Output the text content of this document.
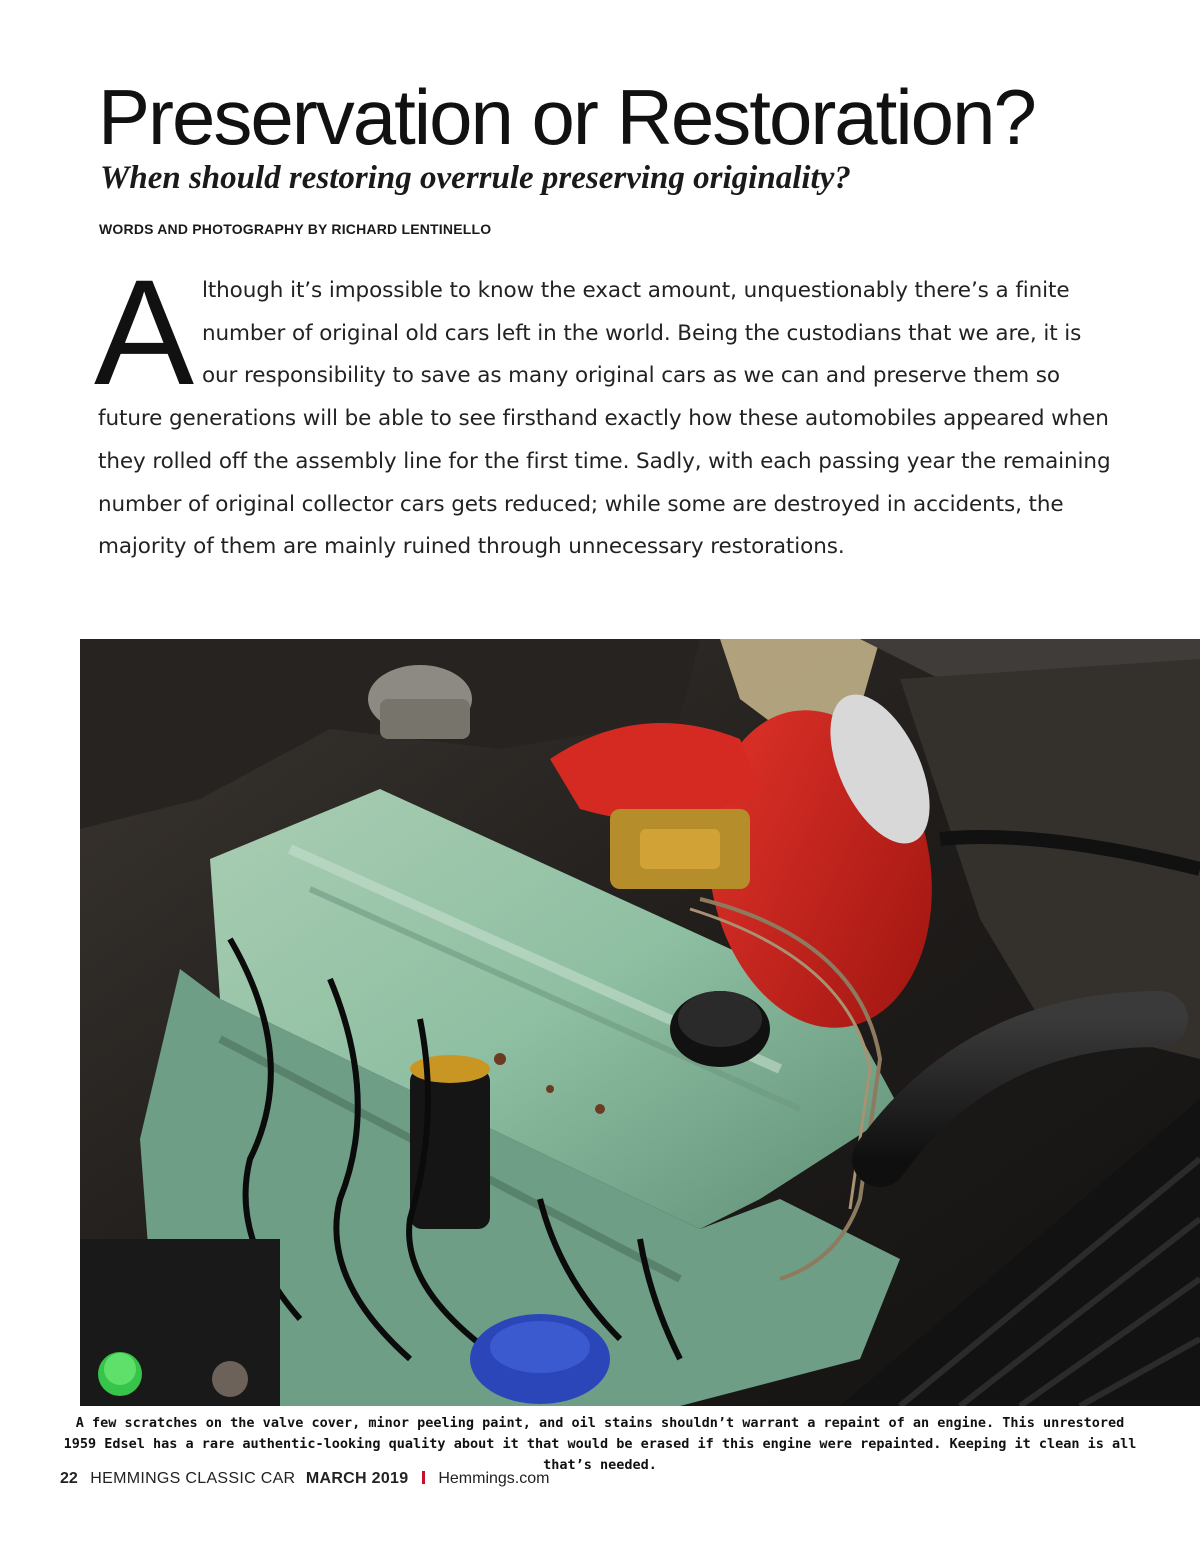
Preservation or Restoration?
When should restoring overrule preserving originality?
WORDS AND PHOTOGRAPHY BY RICHARD LENTINELLO

Although it’s impossible to know the exact amount, unquestionably there’s a finite number of original old cars left in the world. Being the custodians that we are, it is our responsibility to save as many original cars as we can and preserve them so future generations will be able to see firsthand exactly how these automobiles appeared when they rolled off the assembly line for the first time. Sadly, with each passing year the remaining number of original collector cars gets reduced; while some are destroyed in accidents, the majority of them are mainly ruined through unnecessary restorations.

A few scratches on the valve cover, minor peeling paint, and oil stains shouldn’t warrant a repaint of an engine. This unrestored 1959 Edsel has a rare authentic-looking quality about it that would be erased if this engine were repainted. Keeping it clean is all that’s needed.

22 HEMMINGS CLASSIC CAR MARCH 2019 Hemmings.com
